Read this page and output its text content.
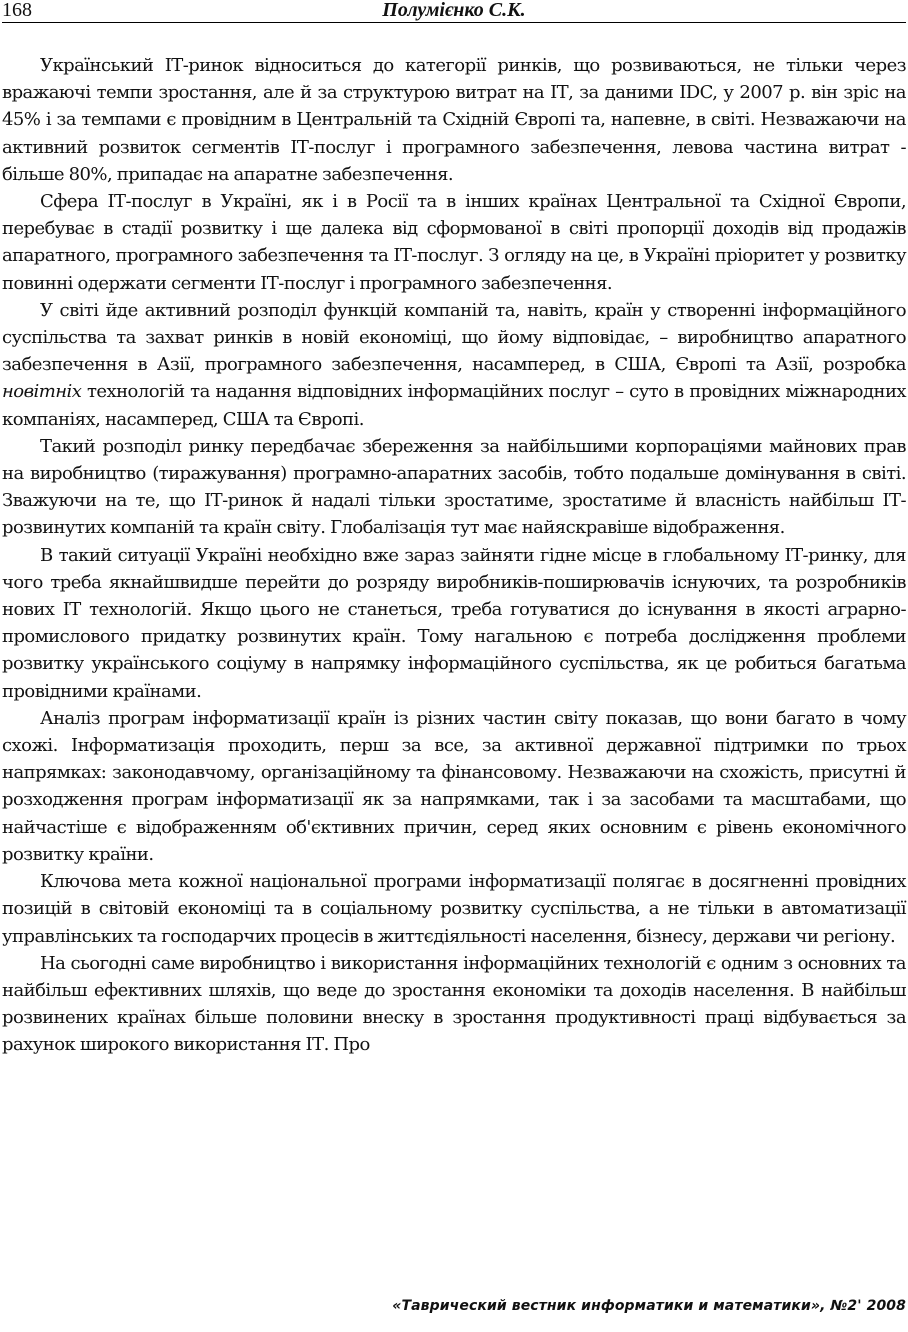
168	Полумієнко С.К.

Український ІТ-ринок відноситься до категорії ринків, що розвиваються, не тільки через вражаючі темпи зростання, але й за структурою витрат на ІТ, за даними IDC, у 2007 р. він зріс на 45% і за темпами є провідним в Центральній та Східній Європі та, напевне, в світі. Незважаючи на активний розвиток сегментів ІТ-послуг і програмного забезпечення, левова частина витрат - більше 80%, припадає на апаратне забезпечення.

Сфера ІТ-послуг в Україні, як і в Росії та в інших країнах Центральної та Східної Європи, перебуває в стадії розвитку і ще далека від сформованої в світі пропорції доходів від продажів апаратного, програмного забезпечення та ІТ-послуг. З огляду на це, в Україні пріоритет у розвитку повинні одержати сегменти ІТ-послуг і програмного забезпечення.

У світі йде активний розподіл функцій компаній та, навіть, країн у створенні інформаційного суспільства та захват ринків в новій економіці, що йому відповідає, – виробництво апаратного забезпечення в Азії, програмного забезпечення, насамперед, в США, Європі та Азії, розробка новітніх технологій та надання відповідних інформаційних послуг – суто в провідних міжнародних компаніях, насамперед, США та Європі.

Такий розподіл ринку передбачає збереження за найбільшими корпораціями майнових прав на виробництво (тиражування) програмно-апаратних засобів, тобто подальше домінування в світі. Зважуючи на те, що ІТ-ринок й надалі тільки зростатиме, зростатиме й власність найбільш ІТ-розвинутих компаній та країн світу. Глобалізація тут має найяскравіше відображення.

В такий ситуації Україні необхідно вже зараз зайняти гідне місце в глобальному ІТ-ринку, для чого треба якнайшвидше перейти до розряду виробників-поширювачів існуючих, та розробників нових ІТ технологій. Якщо цього не станеться, треба готуватися до існування в якості аграрно-промислового придатку розвинутих країн. Тому нагальною є потреба дослідження проблеми розвитку українського соціуму в напрямку інформаційного суспільства, як це робиться багатьма провідними країнами.

Аналіз програм інформатизації країн із різних частин світу показав, що вони багато в чому схожі. Інформатизація проходить, перш за все, за активної державної підтримки по трьох напрямках: законодавчому, організаційному та фінансовому. Незважаючи на схожість, присутні й розходження програм інформатизації як за напрямками, так і за засобами та масштабами, що найчастіше є відображенням об'єктивних причин, серед яких основним є рівень економічного розвитку країни.

Ключова мета кожної національної програми інформатизації полягає в досягненні провідних позицій в світовій економіці та в соціальному розвитку суспільства, а не тільки в автоматизації управлінських та господарчих процесів в життєдіяльності населення, бізнесу, держави чи регіону.

На сьогодні саме виробництво і використання інформаційних технологій є одним з основних та найбільш ефективних шляхів, що веде до зростання економіки та доходів населення. В найбільш розвинених країнах більше половини внеску в зростання продуктивності праці відбувається за рахунок широкого використання ІТ. Про

«Таврический вестник информатики и математики», №2' 2008
